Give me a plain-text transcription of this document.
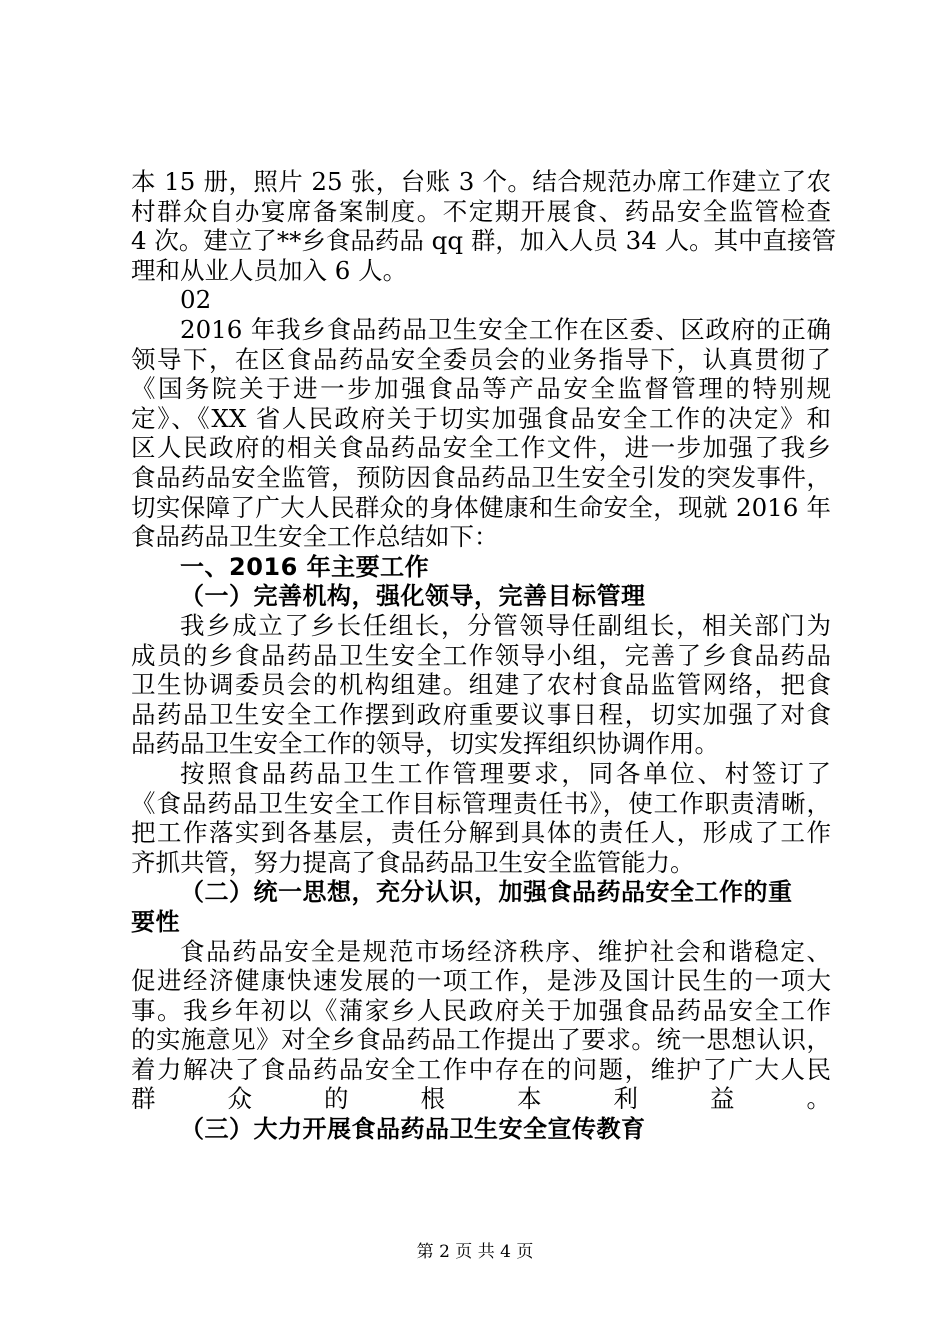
本 15 册，照片 25 张，台账 3 个。结合规范办席工作建立了农
村群众自办宴席备案制度。不定期开展食、药品安全监管检查
4 次。建立了**乡食品药品 qq 群，加入人员 34 人。其中直接管
理和从业人员加入 6 人。
02
2016 年我乡食品药品卫生安全工作在区委、区政府的正确
领导下，在区食品药品安全委员会的业务指导下，认真贯彻了
《国务院关于进一步加强食品等产品安全监督管理的特别规
定》、《XX 省人民政府关于切实加强食品安全工作的决定》和
区人民政府的相关食品药品安全工作文件，进一步加强了我乡
食品药品安全监管，预防因食品药品卫生安全引发的突发事件，
切实保障了广大人民群众的身体健康和生命安全，现就 2016 年
食品药品卫生安全工作总结如下：
一、2016 年主要工作
（一）完善机构，强化领导，完善目标管理
我乡成立了乡长任组长，分管领导任副组长，相关部门为
成员的乡食品药品卫生安全工作领导小组，完善了乡食品药品
卫生协调委员会的机构组建。组建了农村食品监管网络，把食
品药品卫生安全工作摆到政府重要议事日程，切实加强了对食
品药品卫生安全工作的领导，切实发挥组织协调作用。
按照食品药品卫生工作管理要求，同各单位、村签订了
《食品药品卫生安全工作目标管理责任书》，使工作职责清晰，
把工作落实到各基层，责任分解到具体的责任人，形成了工作
齐抓共管，努力提高了食品药品卫生安全监管能力。
（二）统一思想，充分认识，加强食品药品安全工作的重
要性
食品药品安全是规范市场经济秩序、维护社会和谐稳定、
促进经济健康快速发展的一项工作，是涉及国计民生的一项大
事。我乡年初以《蒲家乡人民政府关于加强食品药品安全工作
的实施意见》对全乡食品药品工作提出了要求。统一思想认识，
着力解决了食品药品安全工作中存在的问题，维护了广大人民
群众的根本利益。
（三）大力开展食品药品卫生安全宣传教育
第 2 页 共 4 页
